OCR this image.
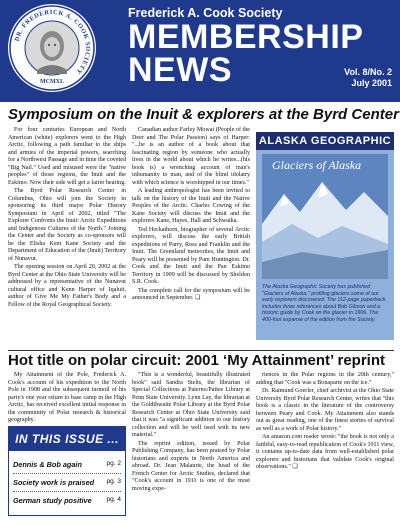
DR. FREDERICK A. COOK SOCIETY
MCMXL
Frederick A. Cook Society
MEMBERSHIP
NEWS	Vol. 8/No. 2
July 2001
Symposium on the Inuit & explorers at the Byrd Center

For four centuries European and North American (white) explorers went to the High Arctic, following a path familiar to the ships and armies of the imperial powers, searching for a Northwest Passage and in time the coveted "Big Nail." Used and misused were the "native peoples" of those regions, the Inuit and the Eskimo. Now their side will get a fairer hearing.

The Byrd Polar Research Center in Columbus, Ohio will join the Society in sponsoring its third major Polar History Symposium in April of 2002, titled "The Explorer Confronts the Inuit: Arctic Expeditions and Indigenous Cultures of the North." Joining the Center and the Society as co-sponsors will be the Elisha Kent Kane Society and the Department of Education of the (Inuit) Territory of Nunavut.

The opening session on April 20, 2002 at the Byrd Center at the Ohio State University will be addressed by a representative of the Nunavut cultural office and Kenn Harper of Iqaluit, author of Give Me My Father's Body and a Fellow of the Royal Geographical Society.

Canadian author Farley Mowat (People of the Deer and The Polar Passion) says of Harper: "...he is an author of a book about that fascinating region by someone who actually lives in the world about which he writes...(his book is) a wrenching account of man's inhumanity to man, and of the blind idolatry with which science is worshipped in our times."

A leading anthropologist has been invited to talk on the history of the Inuit and the Native Peoples of the Arctic. Charles Cowing of the Kane Society will discuss the Inuit and the explorers Kane, Hayes, Hall and Schwatka.

Ted Heckathorn, biographer of several Arctic explorers, will discuss the early British expeditions of Parry, Ross and Franklin and the Inuit. The Greenland meteorites, the Inuit and Peary will be presented by Pam Huntington. Dr. Cook and the Inuit and the Pan Eskimo Territory in 1909 will be discussed by Sheldon S.R. Cook.

The complete call for the symposium will be announced in September. ❏

ALASKA GEOGRAPHIC
Glaciers of Alaska
The Alaska Geographic Society has published "Glaciers of Alaska," profiling glaciers some of our early explorers discovered. The 112-page paperback includes three references about Bob Gibson and a historic guide by Cook on the glacier in 1906. The 400-foot expanse of the edition from the Society.
Hot title on polar circuit: 2001 ‘My Attainment’ reprint

My Attainment of the Pole, Frederick A. Cook's account of his expedition to the North Pole in 1908 and the subsequent turmoil of his party's one year return to base camp in the High Arctic, has received excellent initial response in the community of Polar research & historical geography.

IN THIS ISSUE ...
Dennis & Bob again	pg. 2
Society work is praised pg. 3
German study positive pg. 4

"This is a wonderful, beautifully illustrated book" said Sandra Stelts, the librarian of Special Collections at Paterno/Pattee Library at Penn State University. Lynn Lay, the librarian at the Goldthwaite Polar Library at the Byrd Polar Research Center at Ohio State University said that it was "a significant addition to our history collection and will be well used with its new material."

The reprint edition, issued by Polar Publishing Company, has been praised by Polar historians and experts in North America and abroad. Dr. Jean Malaurie, the head of the French Center for Arctic Studies, declared that "Cook's account in 1911 is one of the most moving expe-

riences in the Polar regions in the 20th century," adding that "Cook was a Bonaparte on the ice."

Dr. Raimund Goerler, chief archivist at the Ohio State University Byrd Polar Research Center, writes that "this book is a classic in the literature of the controversy between Peary and Cook. My Attainment also stands out as great reading, one of the finest stories of survival as well as a work of Polar history."

An amazon.com reader wrote: "the book is not only a faithful, easy-to-read republication of Cook's 1911 view, it contains up-to-date data from well-established polar explorers and historians that validate Cook's original observations." ❏
